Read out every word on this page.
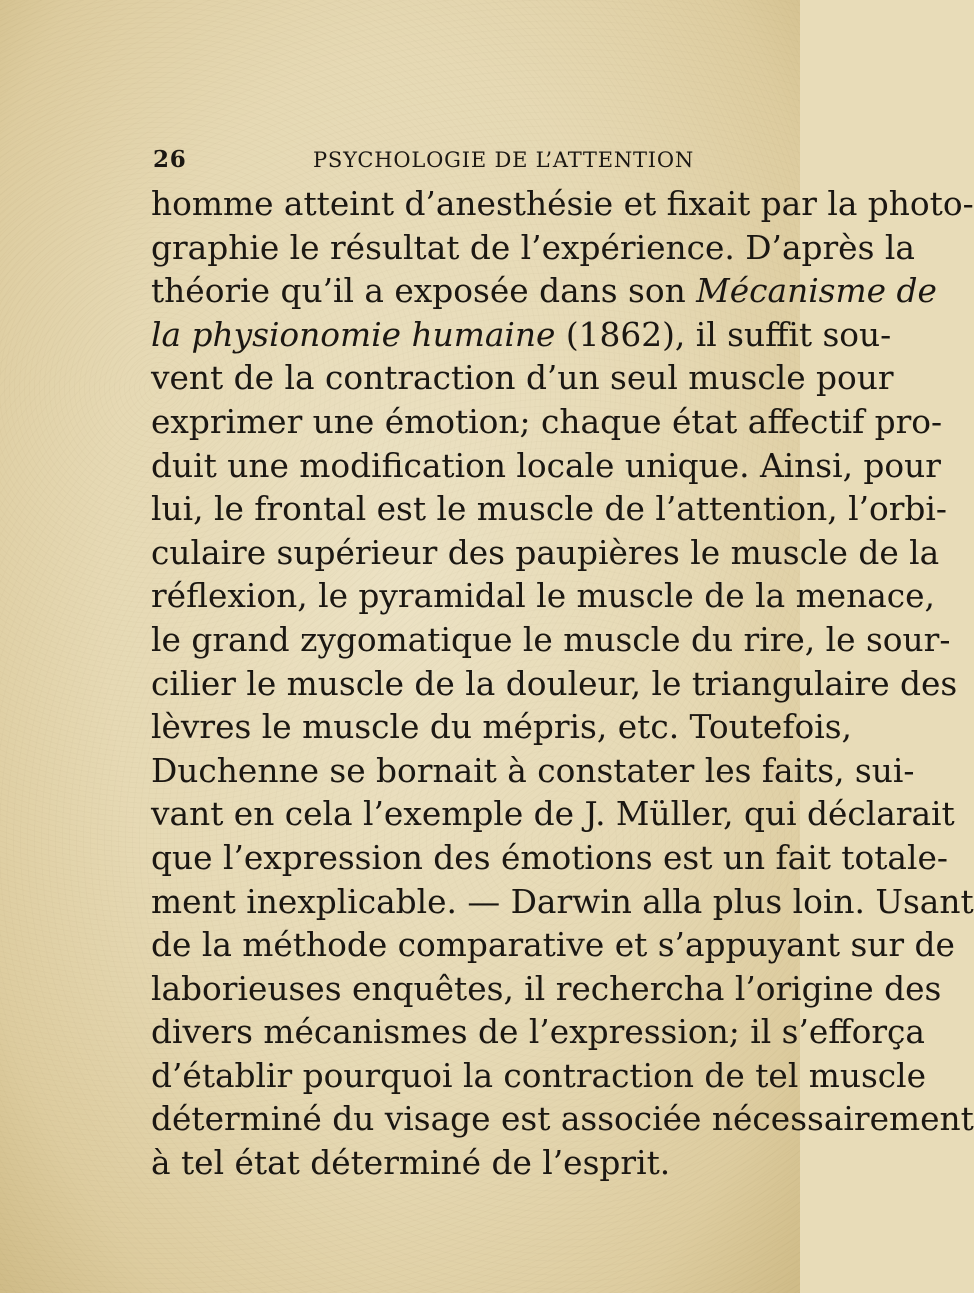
26	PSYCHOLOGIE DE L’ATTENTION
homme atteint d’anesthésie et fixait par la photo-
graphie le résultat de l’expérience. D’après la
théorie qu’il a exposée dans son Mécanisme de
la physionomie humaine (1862), il suffit sou-
vent de la contraction d’un seul muscle pour
exprimer une émotion; chaque état affectif pro-
duit une modification locale unique. Ainsi, pour
lui, le frontal est le muscle de l’attention, l’orbi-
culaire supérieur des paupières le muscle de la
réflexion, le pyramidal le muscle de la menace,
le grand zygomatique le muscle du rire, le sour-
cilier le muscle de la douleur, le triangulaire des
lèvres le muscle du mépris, etc. Toutefois,
Duchenne se bornait à constater les faits, sui-
vant en cela l’exemple de J. Müller, qui déclarait
que l’expression des émotions est un fait totale-
ment inexplicable. — Darwin alla plus loin. Usant
de la méthode comparative et s’appuyant sur de
laborieuses enquêtes, il rechercha l’origine des
divers mécanismes de l’expression; il s’efforça
d’établir pourquoi la contraction de tel muscle
déterminé du visage est associée nécessairement
à tel état déterminé de l’esprit.
